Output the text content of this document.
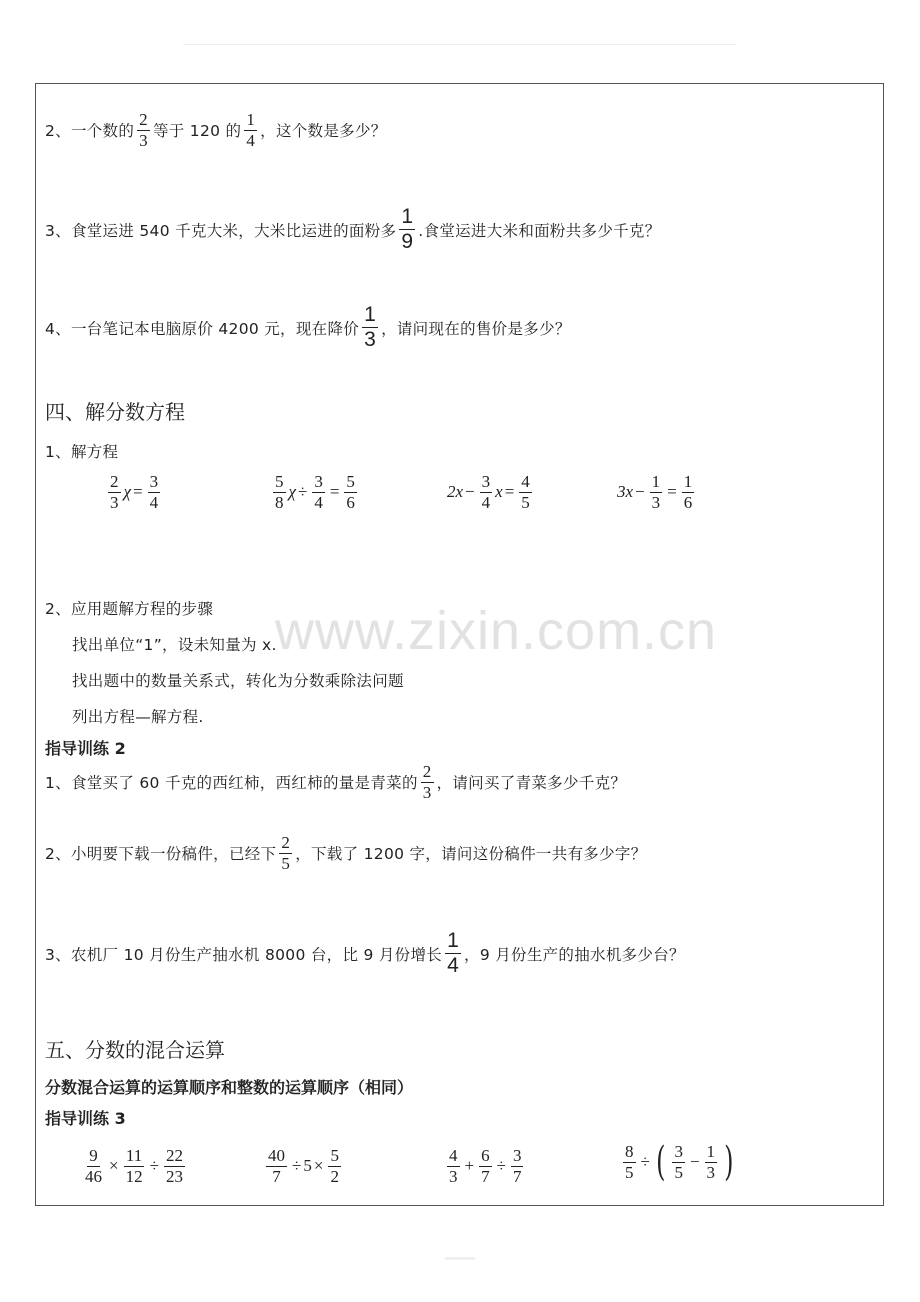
www.zixin.com.cn
2、一个数的 $\frac{2}{3}$ 等于 120 的 $\frac{1}{4}$ ，这个数是多少？
3、食堂运进 540 千克大米，大米比运进的面粉多 $\frac{1}{9}$ .食堂运进大米和面粉共多少千克？
4、一台笔记本电脑原价 4200 元，现在降价 $\frac{1}{3}$ ，请问现在的售价是多少？
四、解分数方程
1、解方程
$\frac{2}{3}$ $\chi = \frac{3}{4}$	$\frac{5}{8}$ $\chi \div \frac{3}{4} = \frac{5}{6}$	$2x - \frac{3}{4}$ $x = \frac{4}{5}$	$3x - \frac{1}{3} = \frac{1}{6}$
2、应用题解方程的步骤
找出单位“1”，设未知量为 x.
找出题中的数量关系式，转化为分数乘除法问题
列出方程—解方程.
指导训练 2
1、食堂买了 60 千克的西红柿，西红柿的量是青菜的 $\frac{2}{3}$ ，请问买了青菜多少千克？
2、小明要下载一份稿件，已经下 $\frac{2}{5}$ ，下载了 1200 字，请问这份稿件一共有多少字？
3、农机厂 10 月份生产抽水机 8000 台，比 9 月份增长 $\frac{1}{4}$ ，9 月份生产的抽水机多少台？
五、分数的混合运算
分数混合运算的运算顺序和整数的运算顺序（相同）
指导训练 3
$\frac{9}{46} \times \frac{11}{12} \div \frac{22}{23}$	$\frac{40}{7} \div 5 \times \frac{5}{2}$	$\frac{4}{3} + \frac{6}{7} \div \frac{3}{7}$	$\frac{8}{5}$ ÷ ( $\frac{3}{5} - \frac{1}{3}$ )
